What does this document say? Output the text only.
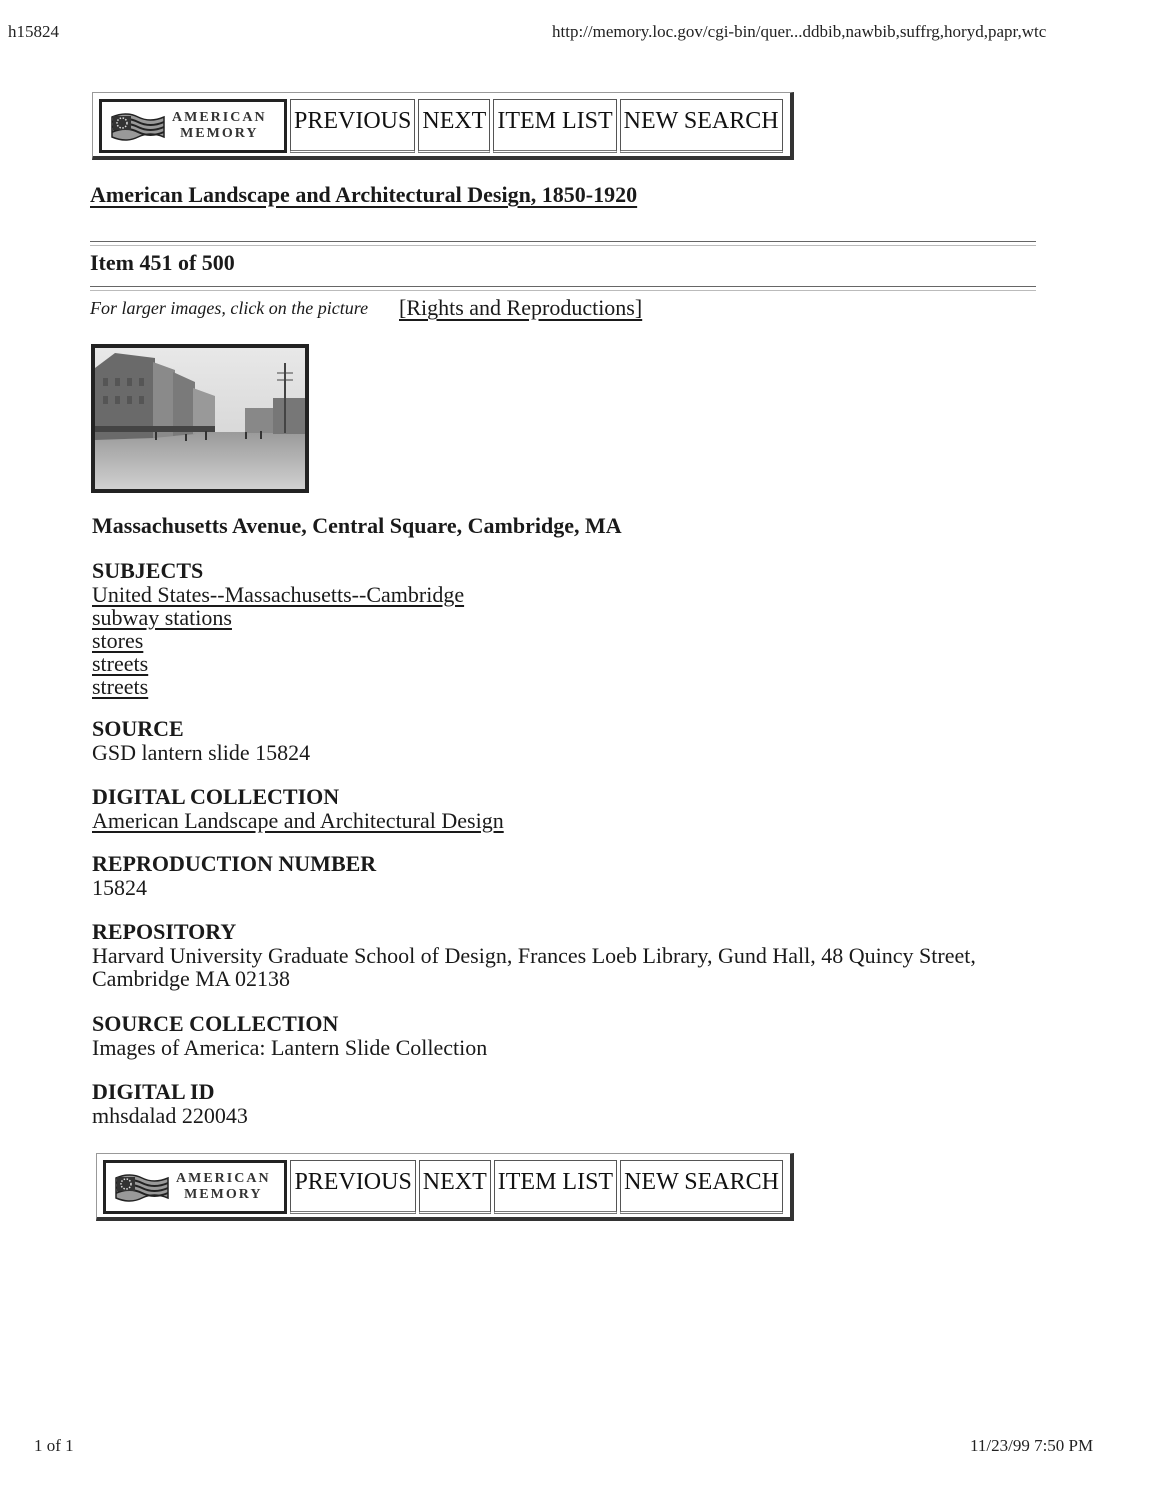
h15824	http://memory.loc.gov/cgi-bin/quer...ddbib,nawbib,suffrg,horyd,papr,wtc
AMERICAN
MEMORY	PREVIOUS NEXT ITEM LIST NEW SEARCH
American Landscape and Architectural Design, 1850-1920
Item 451 of 500
For larger images, click on the picture [Rights and Reproductions]
Massachusetts Avenue, Central Square, Cambridge, MA
SUBJECTS
United States--Massachusetts--Cambridge
subway stations
stores
streets
streets
SOURCE
GSD lantern slide 15824
DIGITAL COLLECTION
American Landscape and Architectural Design
REPRODUCTION NUMBER
15824
REPOSITORY
Harvard University Graduate School of Design, Frances Loeb Library, Gund Hall, 48 Quincy Street,
Cambridge MA 02138
SOURCE COLLECTION
Images of America: Lantern Slide Collection
DIGITAL ID
mhsdalad 220043
AMERICAN
MEMORY	PREVIOUS NEXT ITEM LIST NEW SEARCH
1 of 1	11/23/99 7:50 PM
